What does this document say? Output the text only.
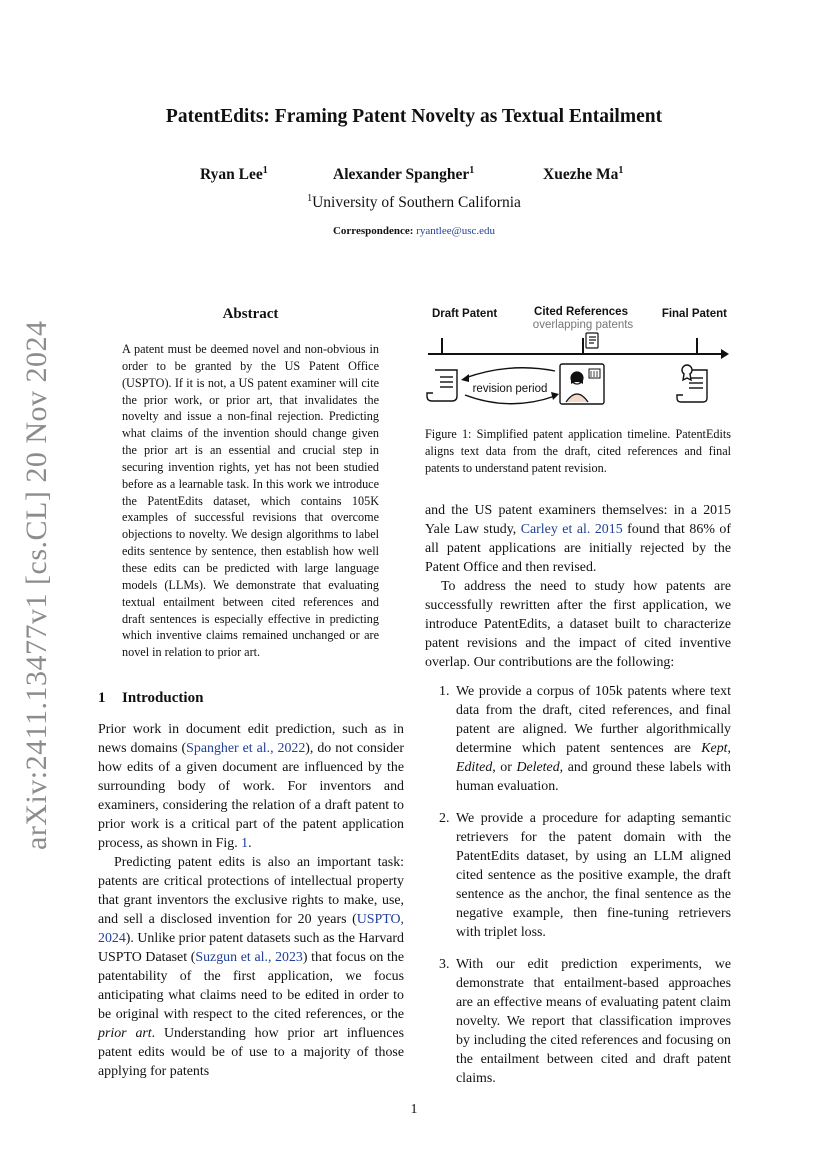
arXiv:2411.13477v1 [cs.CL] 20 Nov 2024
PatentEdits: Framing Patent Novelty as Textual Entailment
Ryan Lee$^1$	Alexander Spangher$^1$	Xuezhe Ma$^1$
$^1$University of Southern California
Correspondence: ryantlee@usc.edu
Abstract
A patent must be deemed novel and non-obvious in order to be granted by the US Patent Office (USPTO). If it is not, a US patent examiner will cite the prior work, or prior art, that invalidates the novelty and issue a non-final rejection. Predicting what claims of the invention should change given the prior art is an essential and crucial step in securing invention rights, yet has not been studied before as a learnable task. In this work we introduce the PatentEdits dataset, which contains 105K examples of successful revisions that overcome objections to novelty. We design algorithms to label edits sentence by sentence, then establish how well these edits can be predicted with large language models (LLMs). We demonstrate that evaluating textual entailment between cited references and draft sentences is especially effective in predicting which inventive claims remained unchanged or are novel in relation to prior art.
1 Introduction

Prior work in document edit prediction, such as in news domains (Spangher et al., 2022), do not consider how edits of a given document are influenced by the surrounding body of work. For inventors and examiners, considering the relation of a draft patent to prior work is a critical part of the patent application process, as shown in Fig. 1.

Predicting patent edits is also an important task: patents are critical protections of intellectual property that grant inventors the exclusive rights to make, use, and sell a disclosed invention for 20 years (USPTO, 2024). Unlike prior patent datasets such as the Harvard USPTO Dataset (Suzgun et al., 2023) that focus on the patentability of the first application, we focus anticipating what claims need to be edited in order to be original with respect to the cited references, or the prior art. Understanding how prior art influences patent edits would be of use to a majority of those applying for patents

Draft Patent	Cited References
overlapping patents
Final Patent
revision period
Figure 1: Simplified patent application timeline. PatentEdits aligns text data from the draft, cited references and final patents to understand patent revision.

and the US patent examiners themselves: in a 2015 Yale Law study, Carley et al. 2015 found that 86% of all patent applications are initially rejected by the Patent Office and then revised.

To address the need to study how patents are successfully rewritten after the first application, we introduce PatentEdits, a dataset built to characterize patent revisions and the impact of cited inventive overlap. Our contributions are the following:

1. We provide a corpus of 105k patents where text data from the draft, cited references, and final patent are aligned. We further algorithmically determine which patent sentences are Kept, Edited, or Deleted, and ground these labels with human evaluation.
2. We provide a procedure for adapting semantic retrievers for the patent domain with the PatentEdits dataset, by using an LLM aligned cited sentence as the positive example, the draft sentence as the anchor, the final sentence as the negative example, then fine-tuning retrievers with triplet loss.
3. With our edit prediction experiments, we demonstrate that entailment-based approaches are an effective means of evaluating patent claim novelty. We report that classification improves by including the cited references and focusing on the entailment between cited and draft patent claims.
1
